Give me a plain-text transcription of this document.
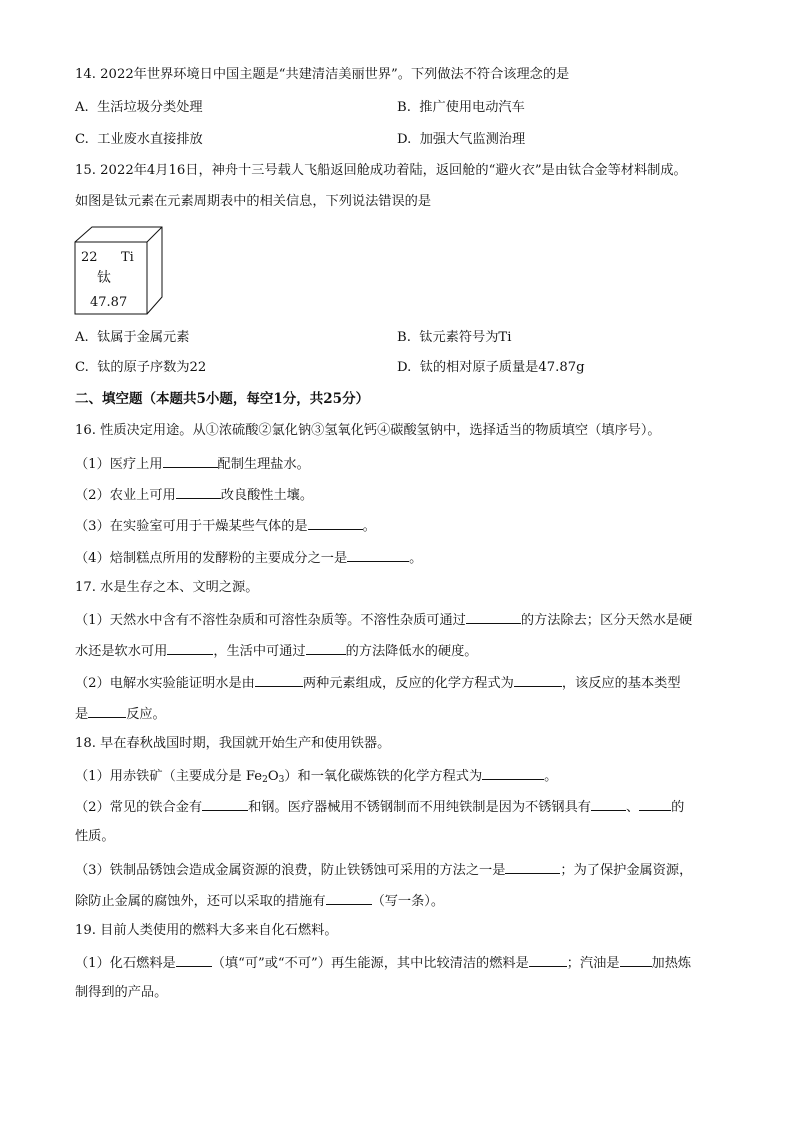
14. 2022年世界环境日中国主题是“共建清洁美丽世界”。下列做法不符合该理念的是
A. 生活垃圾分类处理	B. 推广使用电动汽车
C. 工业废水直接排放	D. 加强大气监测治理
15. 2022年4月16日，神舟十三号载人飞船返回舱成功着陆，返回舱的“避火衣”是由钛合金等材料制成。
如图是钛元素在元素周期表中的相关信息，下列说法错误的是
22 Ti
钛
47.87
A. 钛属于金属元素	B. 钛元素符号为Ti
C. 钛的原子序数为22	D. 钛的相对原子质量是47.87g
二、填空题（本题共5小题，每空1分，共25分）
16. 性质决定用途。从①浓硫酸②氯化钠③氢氧化钙④碳酸氢钠中，选择适当的物质填空（填序号）。
（1）医疗上用	配制生理盐水。
（2）农业上可用	改良酸性土壤。
（3）在实验室可用于干燥某些气体的是	。
（4）焙制糕点所用的发酵粉的主要成分之一是	。
17. 水是生存之本、文明之源。
（1）天然水中含有不溶性杂质和可溶性杂质等。不溶性杂质可通过	的方法除去；区分天然水是硬
水还是软水可用	，生活中可通过	的方法降低水的硬度。
（2）电解水实验能证明水是由	两种元素组成，反应的化学方程式为	，该反应的基本类型
是	反应。
18. 早在春秋战国时期，我国就开始生产和使用铁器。
（1）用赤铁矿（主要成分是 $Fe_2O_3$）和一氧化碳炼铁的化学方程式为	。
（2）常见的铁合金有	和钢。医疗器械用不锈钢制而不用纯铁制是因为不锈钢具有	、 的
性质。
（3）铁制品锈蚀会造成金属资源的浪费，防止铁锈蚀可采用的方法之一是	；为了保护金属资源，
除防止金属的腐蚀外，还可以采取的措施有	（写一条）。
19. 目前人类使用的燃料大多来自化石燃料。
（1）化石燃料是	（填“可”或“不可”）再生能源，其中比较清洁的燃料是	；汽油是 加热炼
制得到的产品。
